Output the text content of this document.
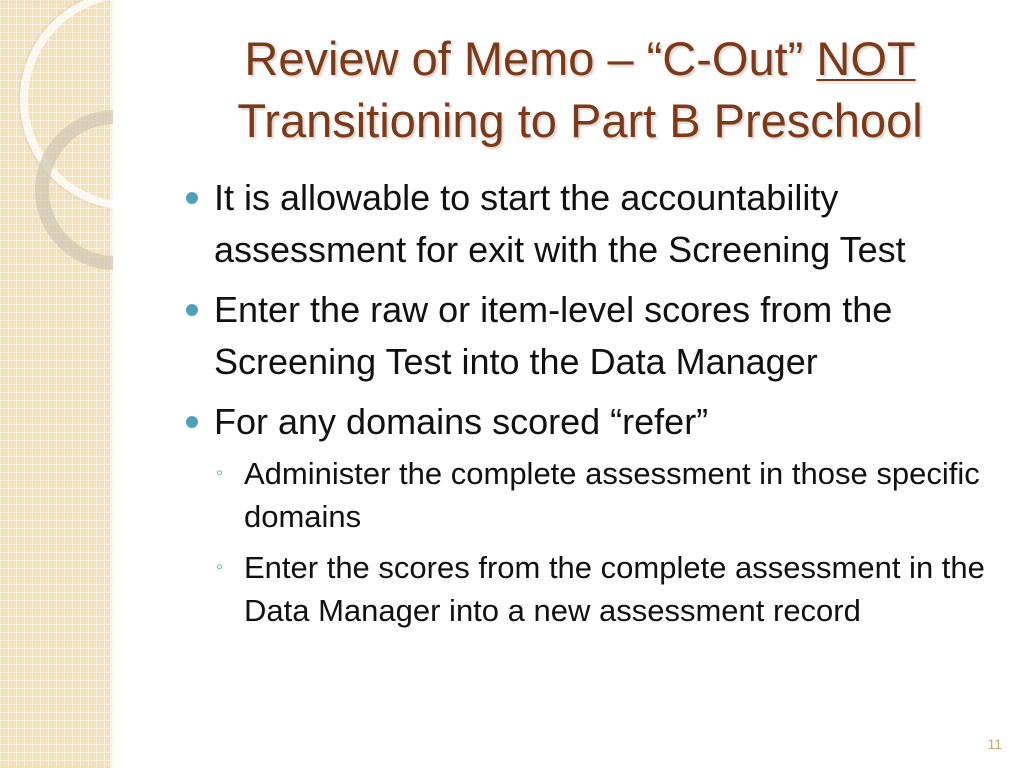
Review of Memo – “C-Out” NOT
Transitioning to Part B Preschool
It is allowable to start the accountability assessment for exit with the Screening Test
Enter the raw or item-level scores from the Screening Test into the Data Manager
For any domains scored “refer”
◦ Administer the complete assessment in those specific domains
◦ Enter the scores from the complete assessment in the Data Manager into a new assessment record
11
